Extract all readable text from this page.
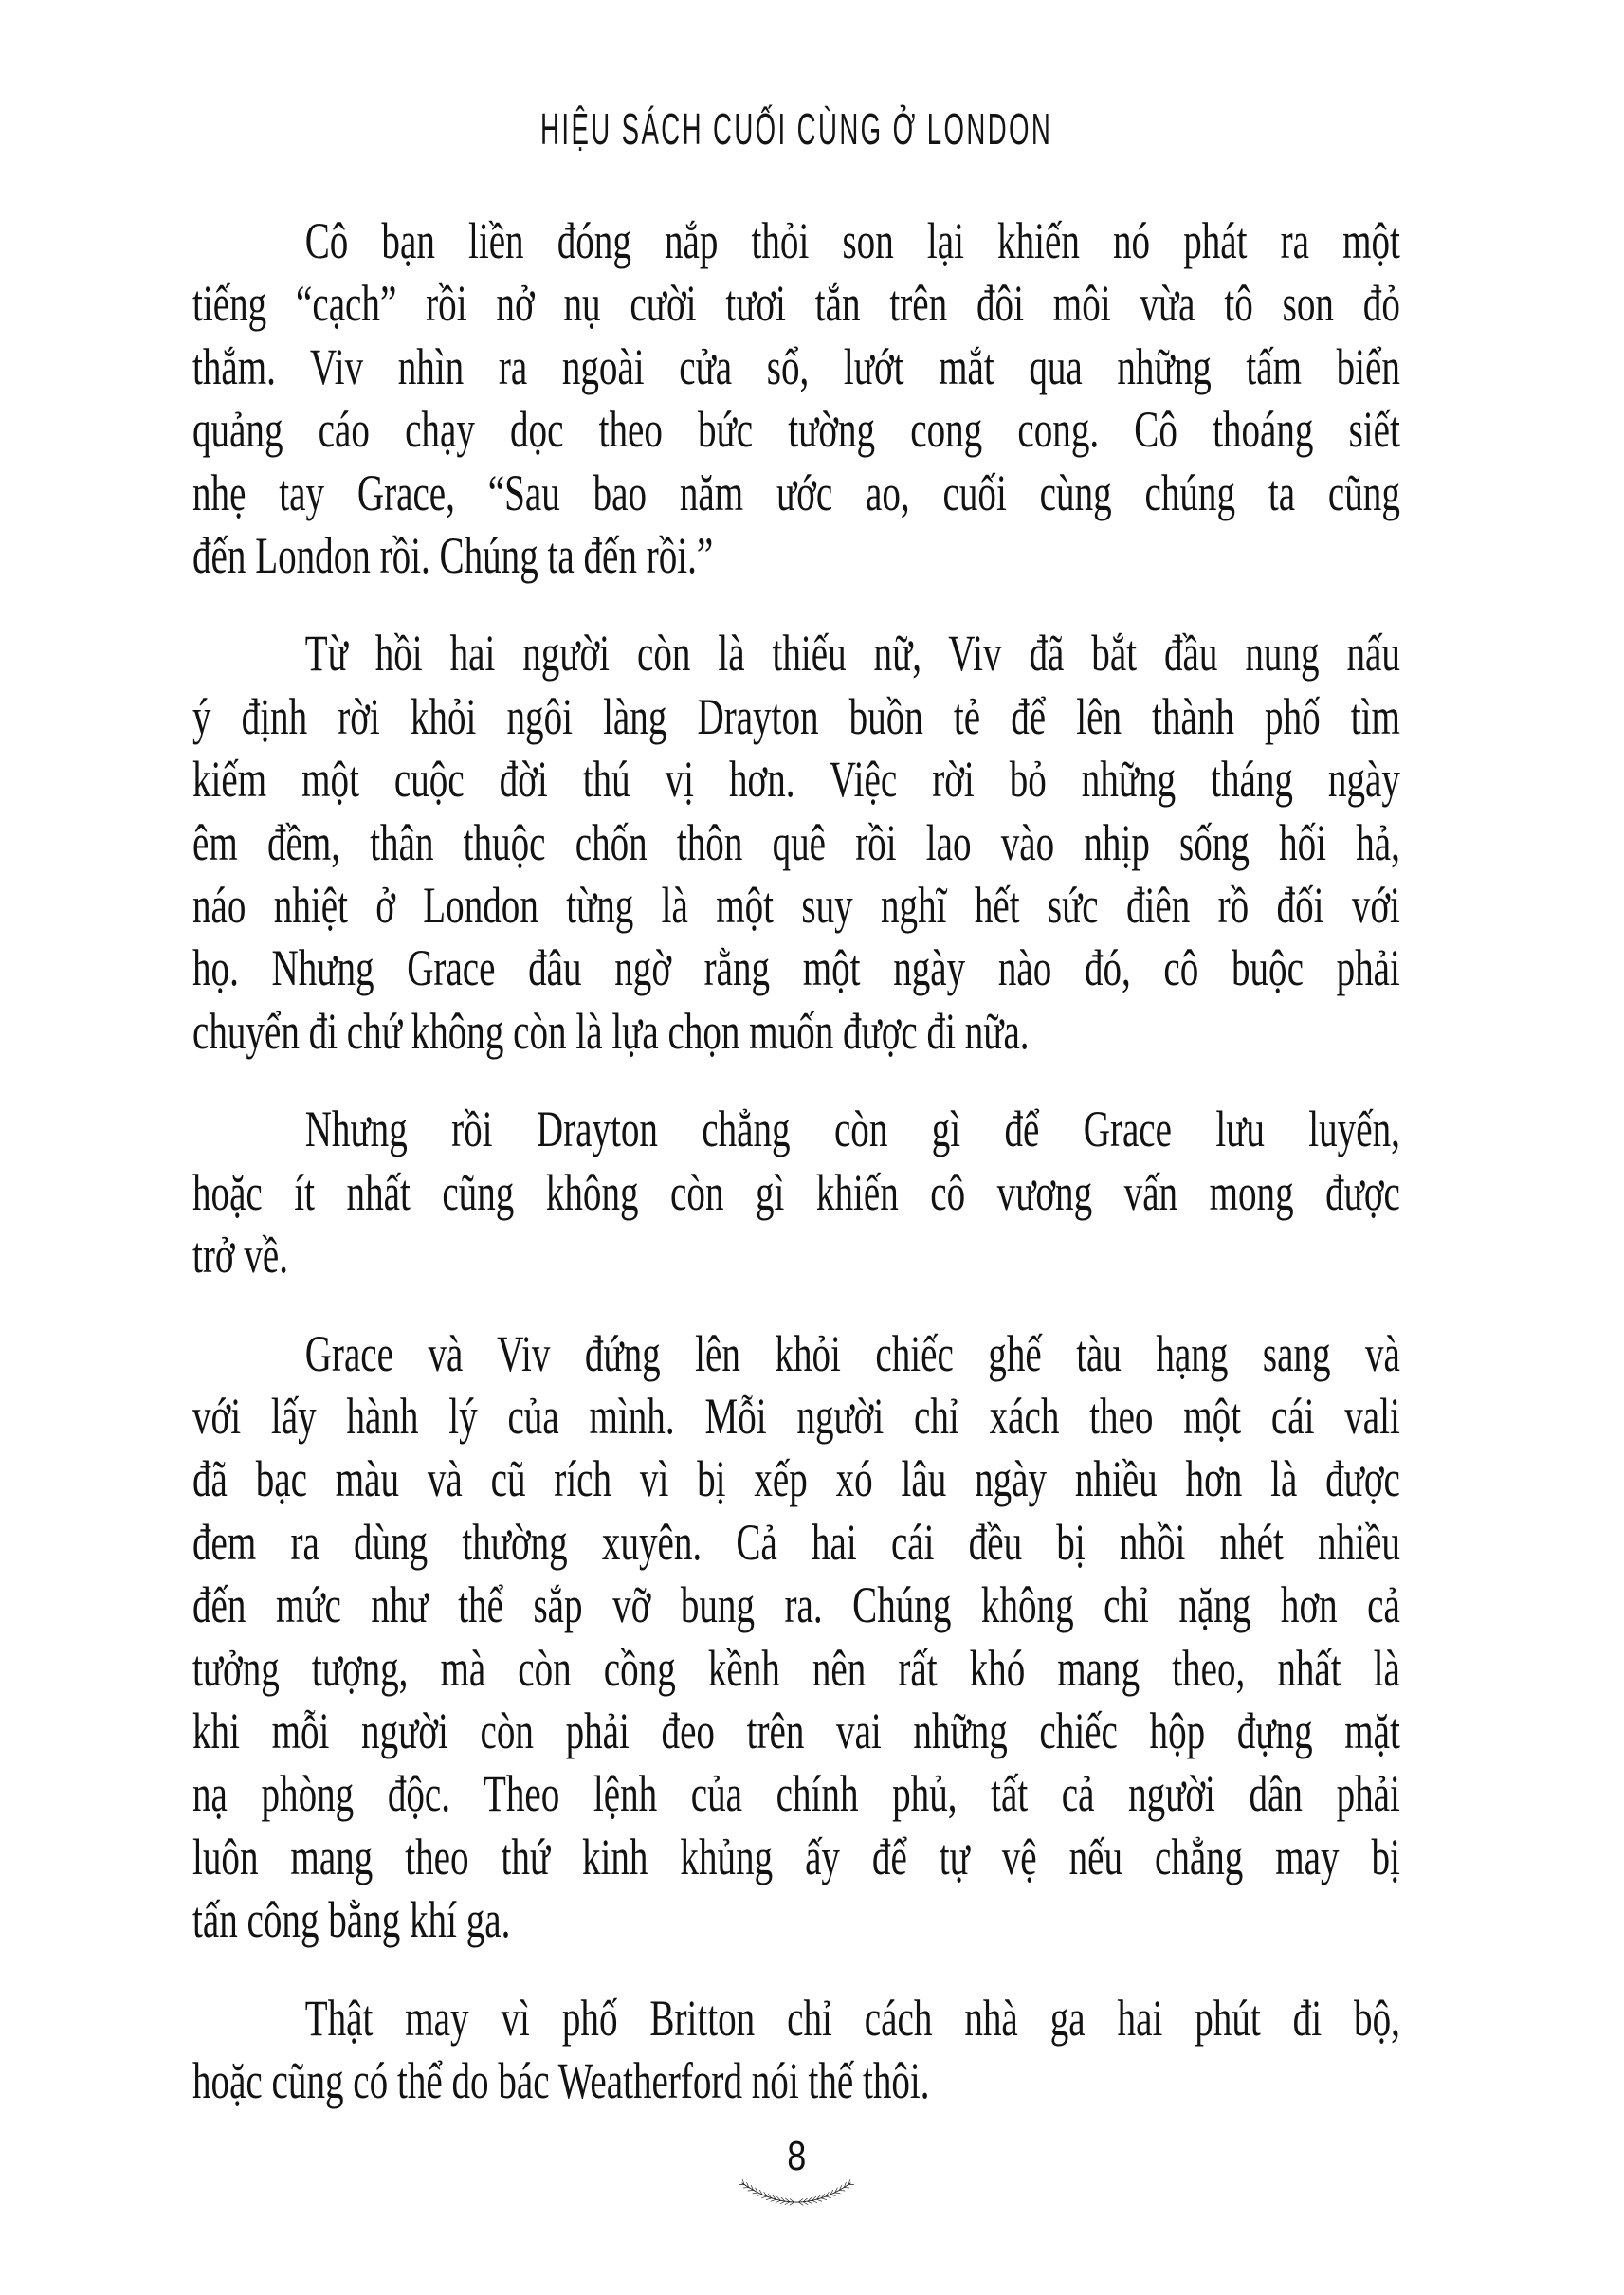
HIỆU SÁCH CUỐI CÙNG Ở LONDON

Cô bạn liền đóng nắp thỏi son lại khiến nó phát ra một
tiếng “cạch” rồi nở nụ cười tươi tắn trên đôi môi vừa tô son đỏ
thắm. Viv nhìn ra ngoài cửa sổ, lướt mắt qua những tấm biển
quảng cáo chạy dọc theo bức tường cong cong. Cô thoáng siết
nhẹ tay Grace, “Sau bao năm ước ao, cuối cùng chúng ta cũng
đến London rồi. Chúng ta đến rồi.”

Từ hồi hai người còn là thiếu nữ, Viv đã bắt đầu nung nấu
ý định rời khỏi ngôi làng Drayton buồn tẻ để lên thành phố tìm
kiếm một cuộc đời thú vị hơn. Việc rời bỏ những tháng ngày
êm đềm, thân thuộc chốn thôn quê rồi lao vào nhịp sống hối hả,
náo nhiệt ở London từng là một suy nghĩ hết sức điên rồ đối với
họ. Nhưng Grace đâu ngờ rằng một ngày nào đó, cô buộc phải
chuyển đi chứ không còn là lựa chọn muốn được đi nữa.

Nhưng rồi Drayton chẳng còn gì để Grace lưu luyến,
hoặc ít nhất cũng không còn gì khiến cô vương vấn mong được
trở về.

Grace và Viv đứng lên khỏi chiếc ghế tàu hạng sang và
với lấy hành lý của mình. Mỗi người chỉ xách theo một cái vali
đã bạc màu và cũ rích vì bị xếp xó lâu ngày nhiều hơn là được
đem ra dùng thường xuyên. Cả hai cái đều bị nhồi nhét nhiều
đến mức như thể sắp vỡ bung ra. Chúng không chỉ nặng hơn cả
tưởng tượng, mà còn cồng kềnh nên rất khó mang theo, nhất là
khi mỗi người còn phải đeo trên vai những chiếc hộp đựng mặt
nạ phòng độc. Theo lệnh của chính phủ, tất cả người dân phải
luôn mang theo thứ kinh khủng ấy để tự vệ nếu chẳng may bị
tấn công bằng khí ga.

Thật may vì phố Britton chỉ cách nhà ga hai phút đi bộ,
hoặc cũng có thể do bác Weatherford nói thế thôi.

8
